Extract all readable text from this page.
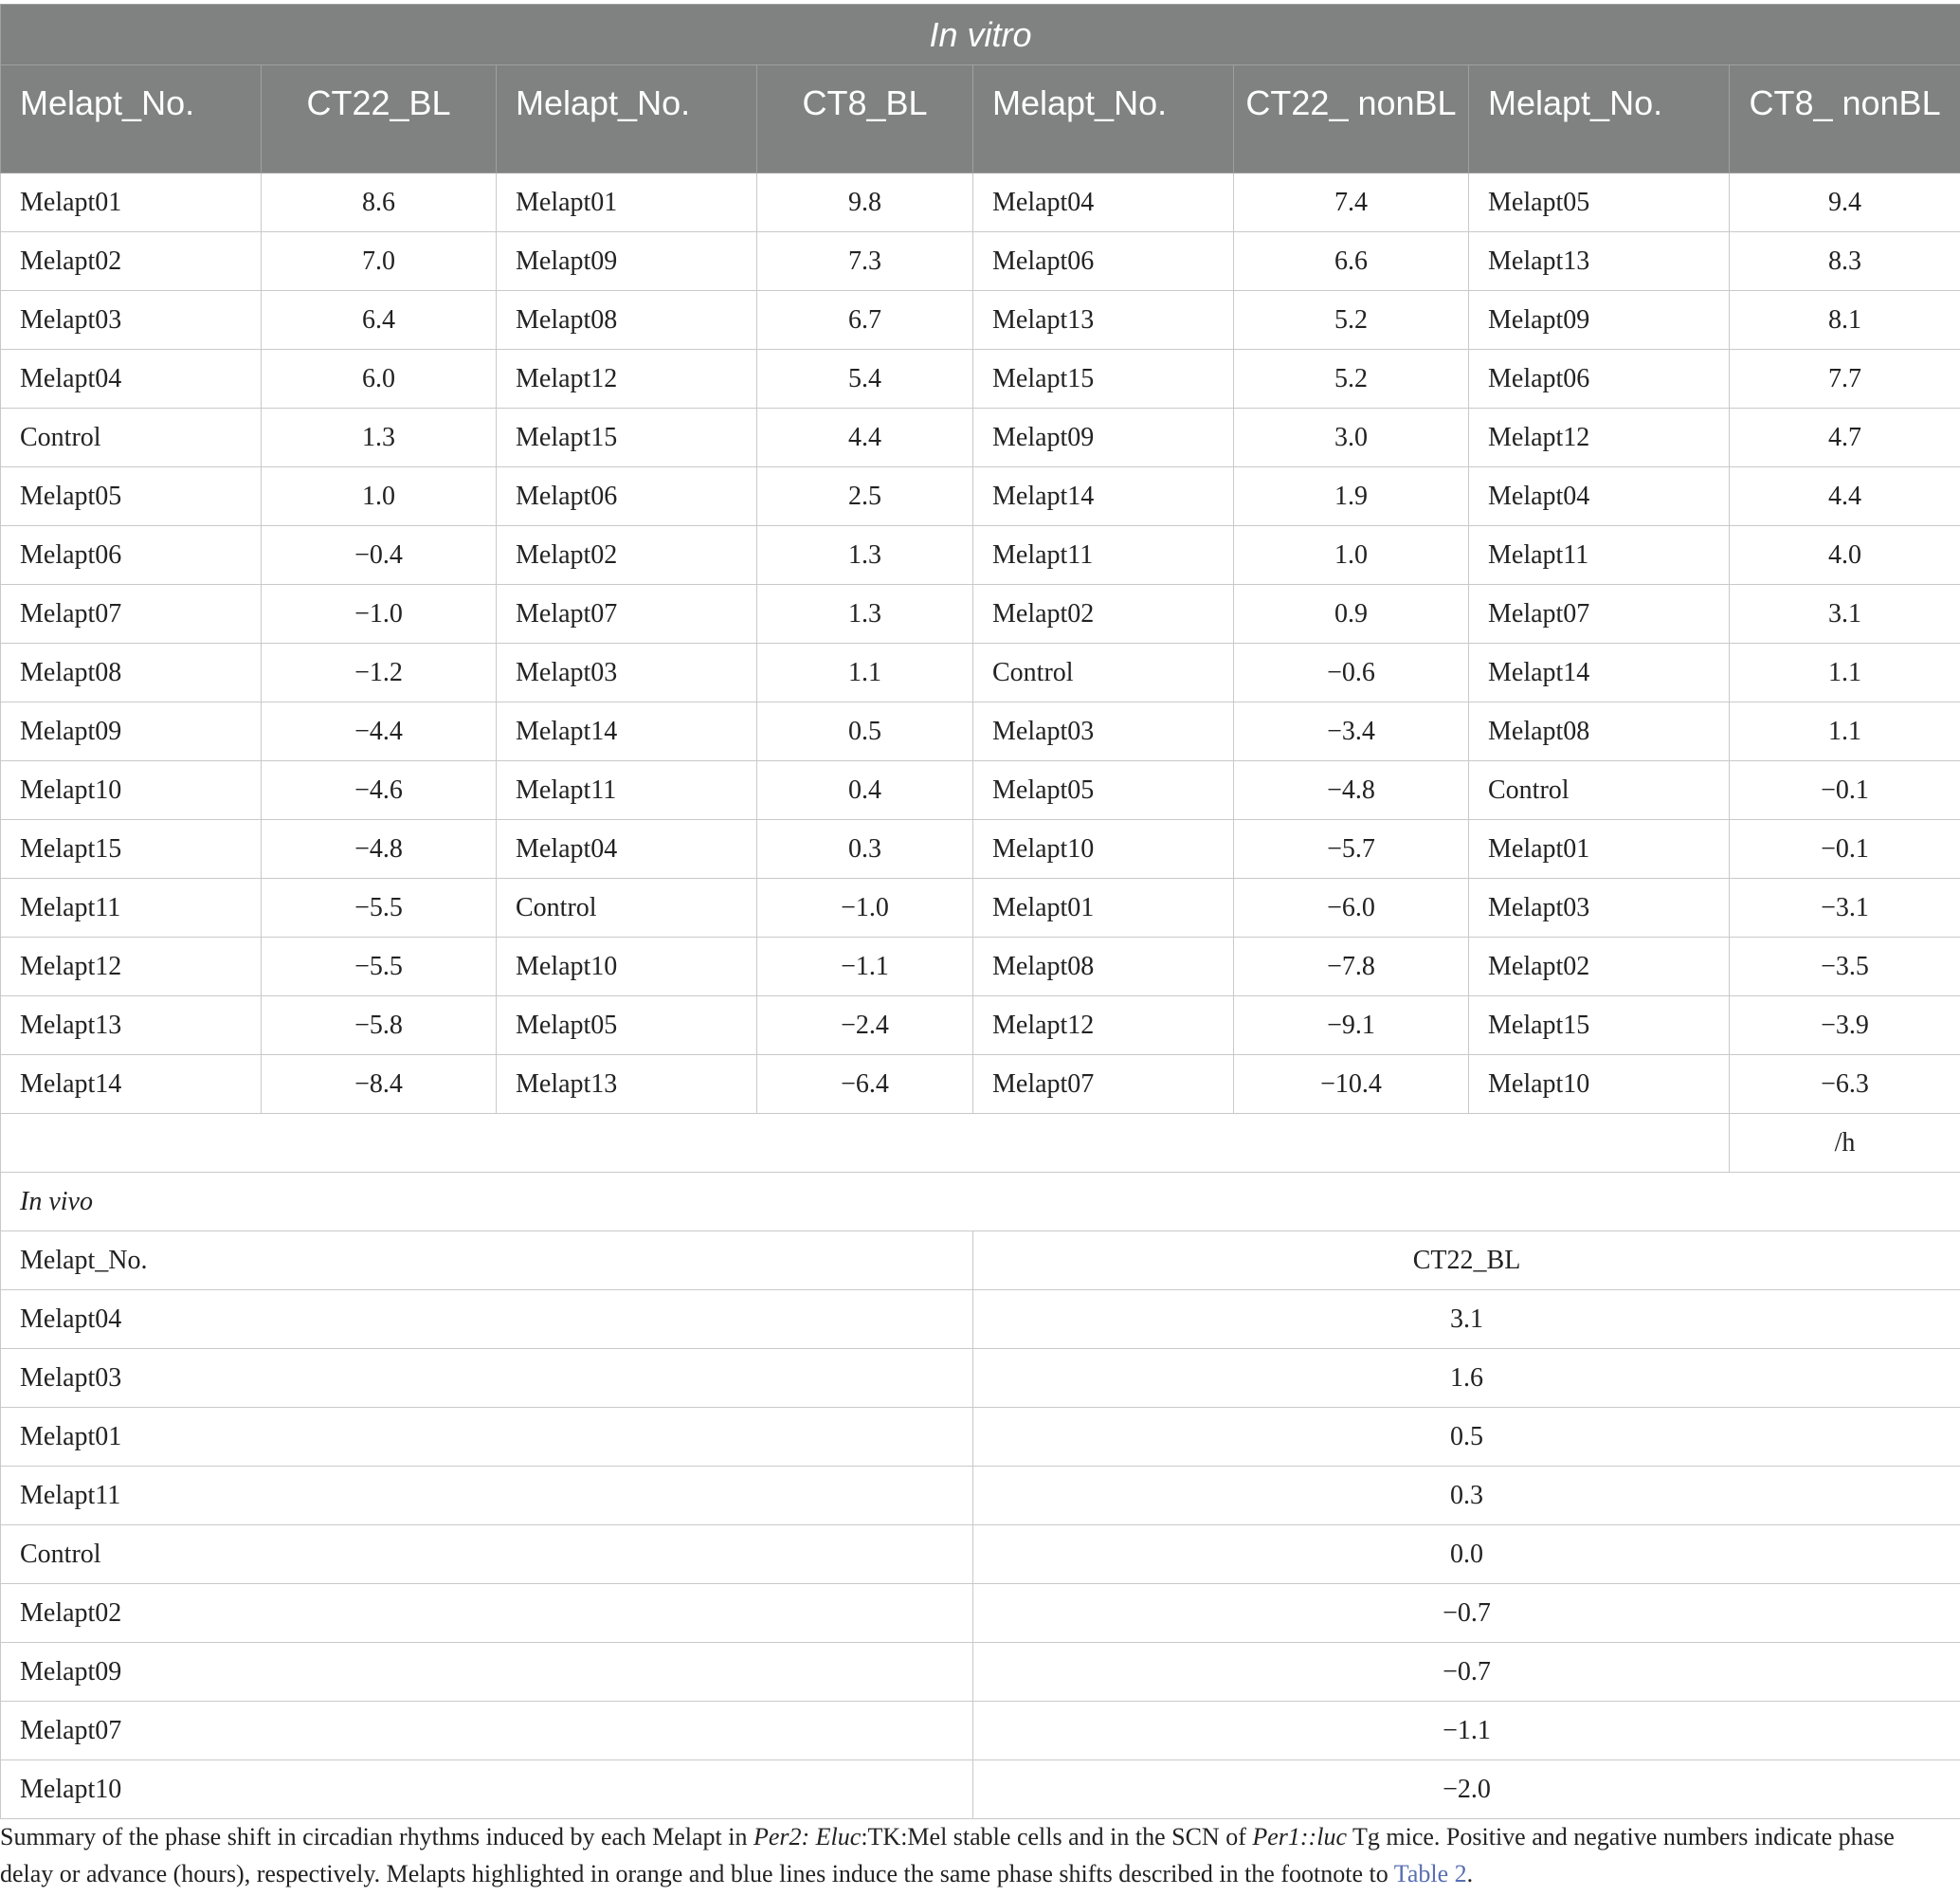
In vitro							
Melapt_No.	CT22_BL	Melapt_No.	CT8_BL	Melapt_No.	CT22_ nonBL	Melapt_No.	CT8_ nonBL
Melapt01	8.6	Melapt01	9.8	Melapt04	7.4	Melapt05	9.4
Melapt02	7.0	Melapt09	7.3	Melapt06	6.6	Melapt13	8.3
Melapt03	6.4	Melapt08	6.7	Melapt13	5.2	Melapt09	8.1
Melapt04	6.0	Melapt12	5.4	Melapt15	5.2	Melapt06	7.7
Control	1.3	Melapt15	4.4	Melapt09	3.0	Melapt12	4.7
Melapt05	1.0	Melapt06	2.5	Melapt14	1.9	Melapt04	4.4
Melapt06	−0.4	Melapt02	1.3	Melapt11	1.0	Melapt11	4.0
Melapt07	−1.0	Melapt07	1.3	Melapt02	0.9	Melapt07	3.1
Melapt08	−1.2	Melapt03	1.1	Control	−0.6	Melapt14	1.1
Melapt09	−4.4	Melapt14	0.5	Melapt03	−3.4	Melapt08	1.1
Melapt10	−4.6	Melapt11	0.4	Melapt05	−4.8	Control	−0.1
Melapt15	−4.8	Melapt04	0.3	Melapt10	−5.7	Melapt01	−0.1
Melapt11	−5.5	Control	−1.0	Melapt01	−6.0	Melapt03	−3.1
Melapt12	−5.5	Melapt10	−1.1	Melapt08	−7.8	Melapt02	−3.5
Melapt13	−5.8	Melapt05	−2.4	Melapt12	−9.1	Melapt15	−3.9
Melapt14	−8.4	Melapt13	−6.4	Melapt07	−10.4	Melapt10	−6.3
							/h
In vivo							
Melapt_No.				CT22_BL			
Melapt04				3.1			
Melapt03				1.6			
Melapt01				0.5			
Melapt11				0.3			
Control				0.0			
Melapt02				−0.7			
Melapt09				−0.7			
Melapt07				−1.1			
Melapt10				−2.0			
Summary of the phase shift in circadian rhythms induced by each Melapt in Per2: Eluc:TK:Mel stable cells and in the SCN of Per1::luc Tg mice. Positive and negative numbers indicate phase delay or advance (hours), respectively. Melapts highlighted in orange and blue lines induce the same phase shifts described in the footnote to Table 2.
